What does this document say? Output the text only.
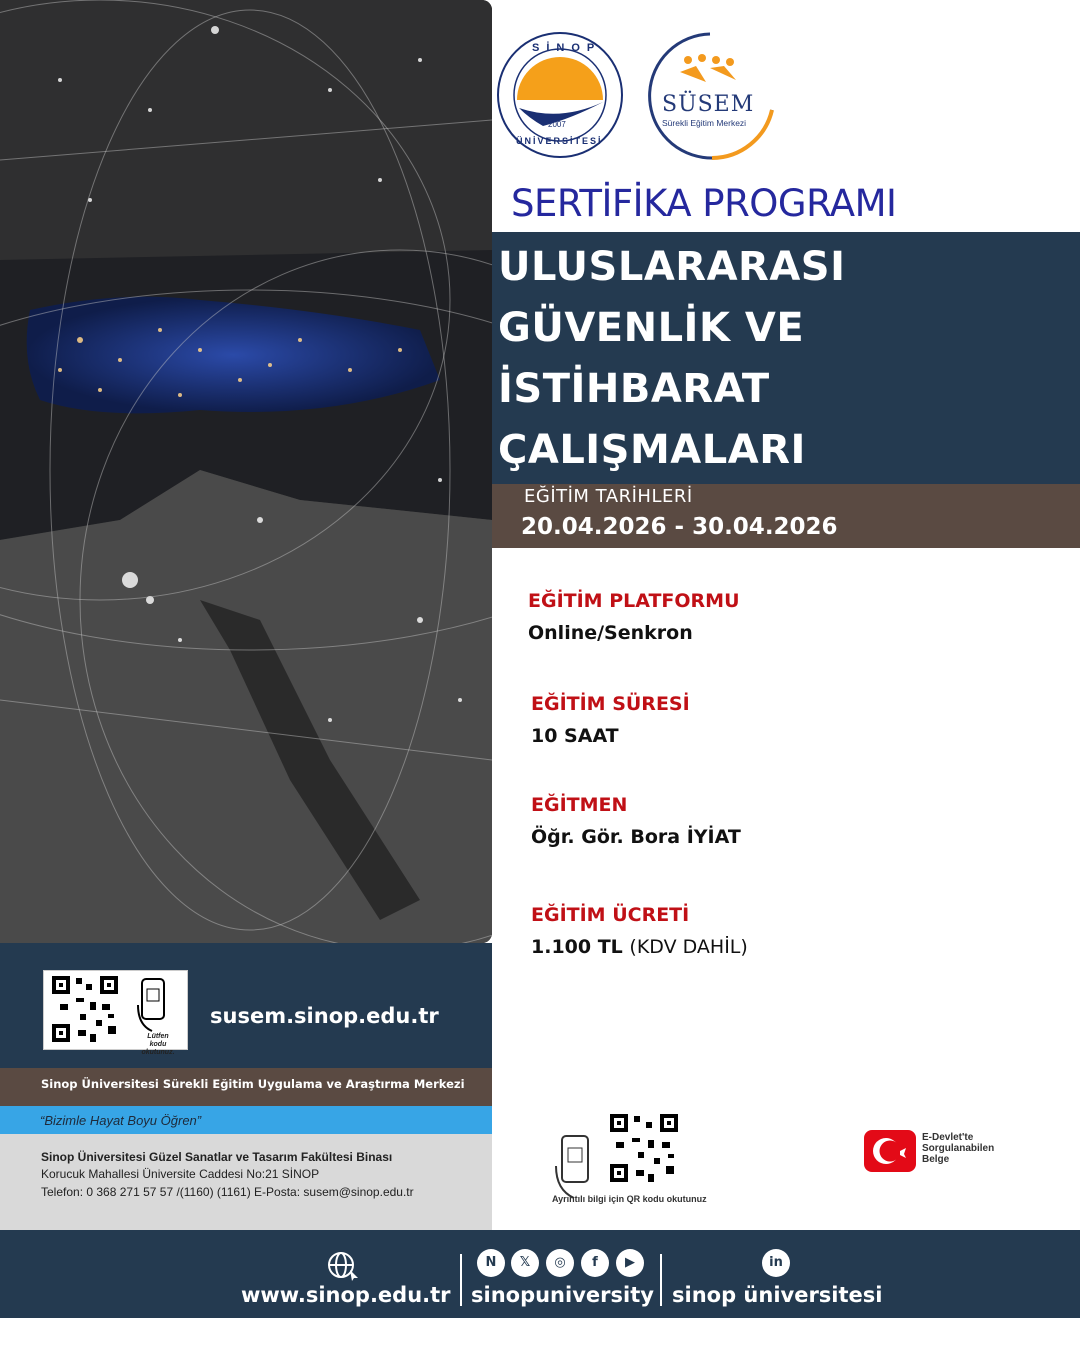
SİNOP
2007
ÜNİVERSİTESİ
SÜSEM
Sürekli Eğitim Merkezi
SERTİFİKA PROGRAMI
ULUSLARARASI
GÜVENLİK VE
İSTİHBARAT
ÇALIŞMALARI
EĞİTİM TARİHLERİ
20.04.2026 - 30.04.2026
EĞİTİM PLATFORMU
Online/Senkron
EĞİTİM SÜRESİ
10 SAAT
EĞİTMEN
Öğr. Gör. Bora İYİAT
EĞİTİM ÜCRETİ
1.100 TL (KDV DAHİL)
Lütfen kodu okutunuz.
susem.sinop.edu.tr
Sinop Üniversitesi Sürekli Eğitim Uygulama ve Araştırma Merkezi
“Bizimle Hayat Boyu Öğren”
Sinop Üniversitesi Güzel Sanatlar ve Tasarım Fakültesi Binası
Korucuk Mahallesi Üniversite Caddesi No:21 SİNOP
Telefon: 0 368 271 57 57 /(1160) (1161) E-Posta: susem@sinop.edu.tr	Ayrıntılı bilgi için QR kodu okutunuz
E-Devlet'te
Sorgulanabilen
Belge
www.sinop.edu.tr
N	𝕏	◎	f	▶
sinopuniversity
in
sinop üniversitesi
